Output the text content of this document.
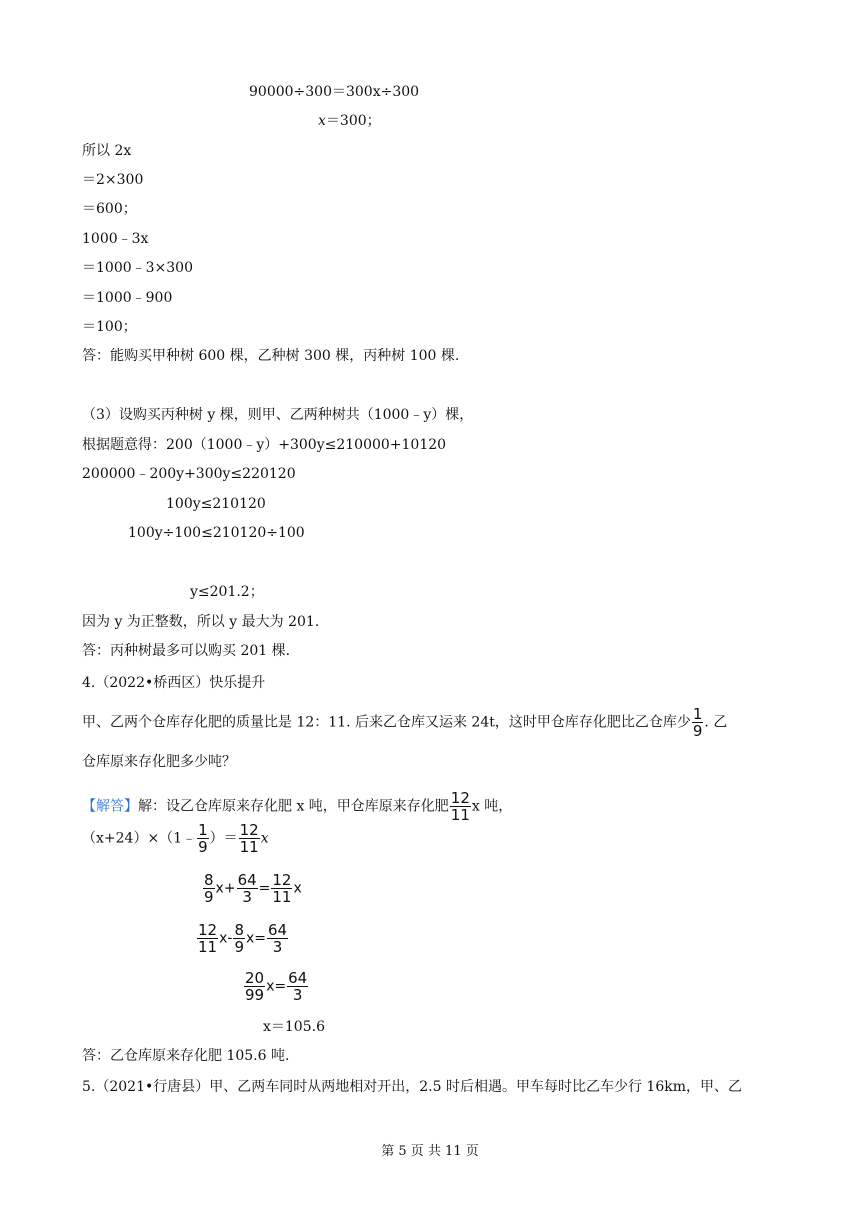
90000÷300＝300x÷300
x＝300；
所以 2x
＝2×300
＝600；
1000﹣3x
＝1000﹣3×300
＝1000﹣900
＝100；
答：能购买甲种树 600 棵，乙种树 300 棵，丙种树 100 棵.
（3）设购买丙种树 y 棵，则甲、乙两种树共（1000﹣y）棵，
根据题意得：200（1000﹣y）+300y≤210000+10120
200000﹣200y+300y≤220120
100y≤210120
100y÷100≤210120÷100
y≤201.2；
因为 y 为正整数，所以 y 最大为 201.
答：丙种树最多可以购买 201 棵.
4.（2022•桥西区）快乐提升
甲、乙两个仓库存化肥的质量比是 12：11. 后来乙仓库又运来 24t，这时甲仓库存化肥比乙仓库少 $\frac{1}{9}$ . 乙
仓库原来存化肥多少吨？
【解答】解：设乙仓库原来存化肥 x 吨，甲仓库原来存化肥 $\frac{12}{11}$ x 吨，
（x+24）×（1﹣ $\frac{1}{9}$ ）＝ $\frac{12}{11}$ x
$\frac{8}{9} x+ \frac{64}{3} = \frac{12}{11}$ x
$\frac{12}{11} x- \frac{8}{9} x= \frac{64}{3}$
$\frac{20}{99} x= \frac{64}{3}$
x＝105.6
答：乙仓库原来存化肥 105.6 吨.
5.（2021•行唐县）甲、乙两车同时从两地相对开出，2.5 时后相遇。甲车每时比乙车少行 16km，甲、乙
第 5 页 共 11 页
